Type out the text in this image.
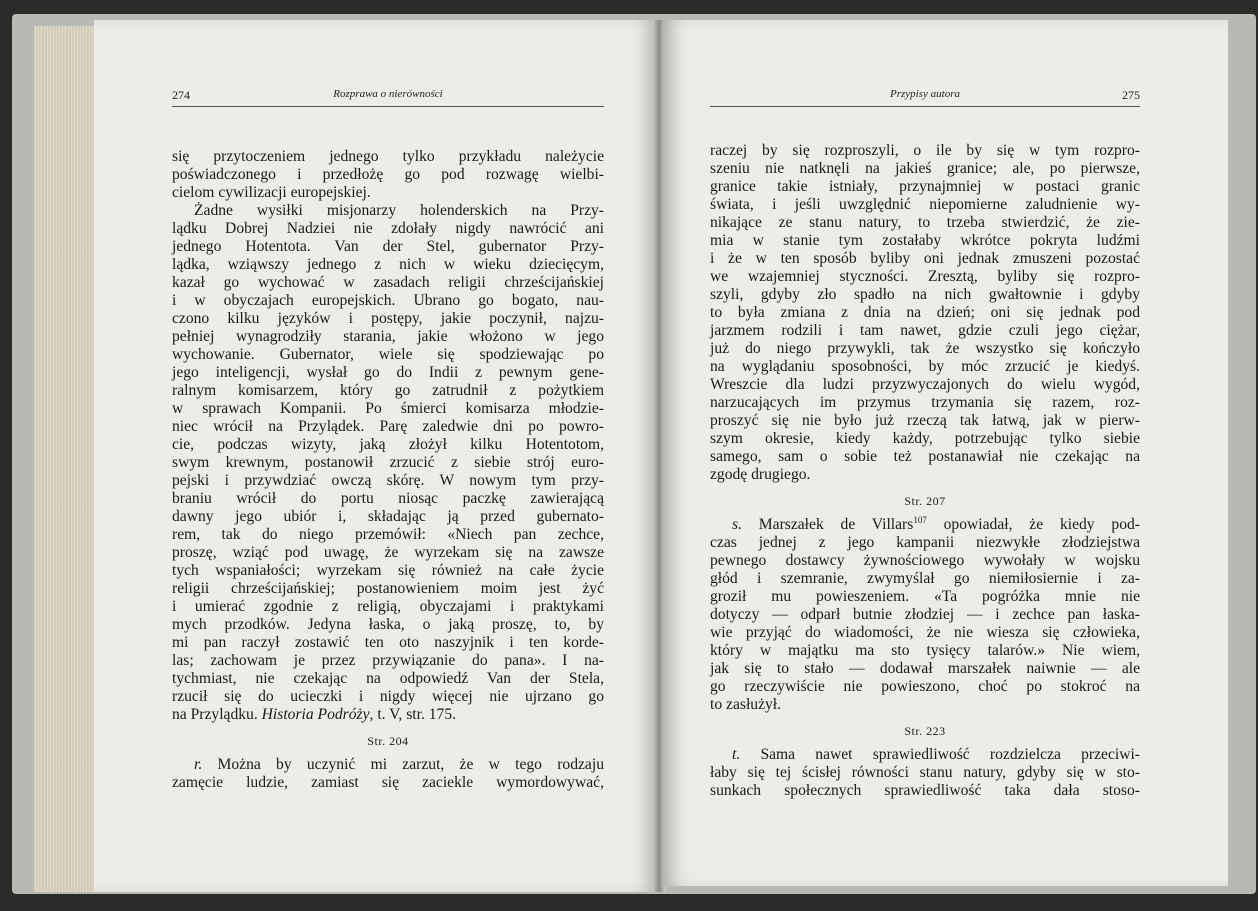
274	Rozprawa o nierówności
się przytoczeniem jednego tylko przykładu należycie
poświadczonego i przedłożę go pod rozwagę wielbi-
cielom cywilizacji europejskiej.
Żadne wysiłki misjonarzy holenderskich na Przy-
lądku Dobrej Nadziei nie zdołały nigdy nawrócić ani
jednego Hotentota. Van der Stel, gubernator Przy-
lądka, wziąwszy jednego z nich w wieku dziecięcym,
kazał go wychować w zasadach religii chrześcijańskiej
i w obyczajach europejskich. Ubrano go bogato, nau-
czono kilku języków i postępy, jakie poczynił, najzu-
pełniej wynagrodziły starania, jakie włożono w jego
wychowanie. Gubernator, wiele się spodziewając po
jego inteligencji, wysłał go do Indii z pewnym gene-
ralnym komisarzem, który go zatrudnił z pożytkiem
w sprawach Kompanii. Po śmierci komisarza młodzie-
niec wrócił na Przylądek. Parę zaledwie dni po powro-
cie, podczas wizyty, jaką złożył kilku Hotentotom,
swym krewnym, postanowił zrzucić z siebie strój euro-
pejski i przywdziać owczą skórę. W nowym tym przy-
braniu wrócił do portu niosąc paczkę zawierającą
dawny jego ubiór i, składając ją przed gubernato-
rem, tak do niego przemówił: «Niech pan zechce,
proszę, wziąć pod uwagę, że wyrzekam się na zawsze
tych wspaniałości; wyrzekam się również na całe życie
religii chrześcijańskiej; postanowieniem moim jest żyć
i umierać zgodnie z religią, obyczajami i praktykami
mych przodków. Jedyna łaska, o jaką proszę, to, by
mi pan raczył zostawić ten oto naszyjnik i ten korde-
las; zachowam je przez przywiązanie do pana». I na-
tychmiast, nie czekając na odpowiedź Van der Stela,
rzucił się do ucieczki i nigdy więcej nie ujrzano go
na Przylądku. Historia Podróży, t. V, str. 175.
Str. 204
r. Można by uczynić mi zarzut, że w tego rodzaju
zamęcie ludzie, zamiast się zaciekle wymordowywać,
Przypisy autora	275
raczej by się rozproszyli, o ile by się w tym rozpro-
szeniu nie natknęli na jakieś granice; ale, po pierwsze,
granice takie istniały, przynajmniej w postaci granic
świata, i jeśli uwzględnić niepomierne zaludnienie wy-
nikające ze stanu natury, to trzeba stwierdzić, że zie-
mia w stanie tym zostałaby wkrótce pokryta ludźmi
i że w ten sposób byliby oni jednak zmuszeni pozostać
we wzajemniej styczności. Zresztą, byliby się rozpro-
szyli, gdyby zło spadło na nich gwałtownie i gdyby
to była zmiana z dnia na dzień; oni się jednak pod
jarzmem rodzili i tam nawet, gdzie czuli jego ciężar,
już do niego przywykli, tak że wszystko się kończyło
na wyglądaniu sposobności, by móc zrzucić je kiedyś.
Wreszcie dla ludzi przyzwyczajonych do wielu wygód,
narzucających im przymus trzymania się razem, roz-
proszyć się nie było już rzeczą tak łatwą, jak w pierw-
szym okresie, kiedy każdy, potrzebując tylko siebie
samego, sam o sobie też postanawiał nie czekając na
zgodę drugiego.
Str. 207
s. Marszałek de Villars$^{107}$ opowiadał, że kiedy pod-
czas jednej z jego kampanii niezwykłe złodziejstwa
pewnego dostawcy żywnościowego wywołały w wojsku
głód i szemranie, zwymyślał go niemiłosiernie i za-
groził mu powieszeniem. «Ta pogróżka mnie nie
dotyczy — odparł butnie złodziej — i zechce pan łaska-
wie przyjąć do wiadomości, że nie wiesza się człowieka,
który w majątku ma sto tysięcy talarów.» Nie wiem,
jak się to stało — dodawał marszałek naiwnie — ale
go rzeczywiście nie powieszono, choć po stokroć na
to zasłużył.
Str. 223
t. Sama nawet sprawiedliwość rozdzielcza przeciwi-
łaby się tej ścisłej równości stanu natury, gdyby się w sto-
sunkach społecznych sprawiedliwość taka dała stoso-
